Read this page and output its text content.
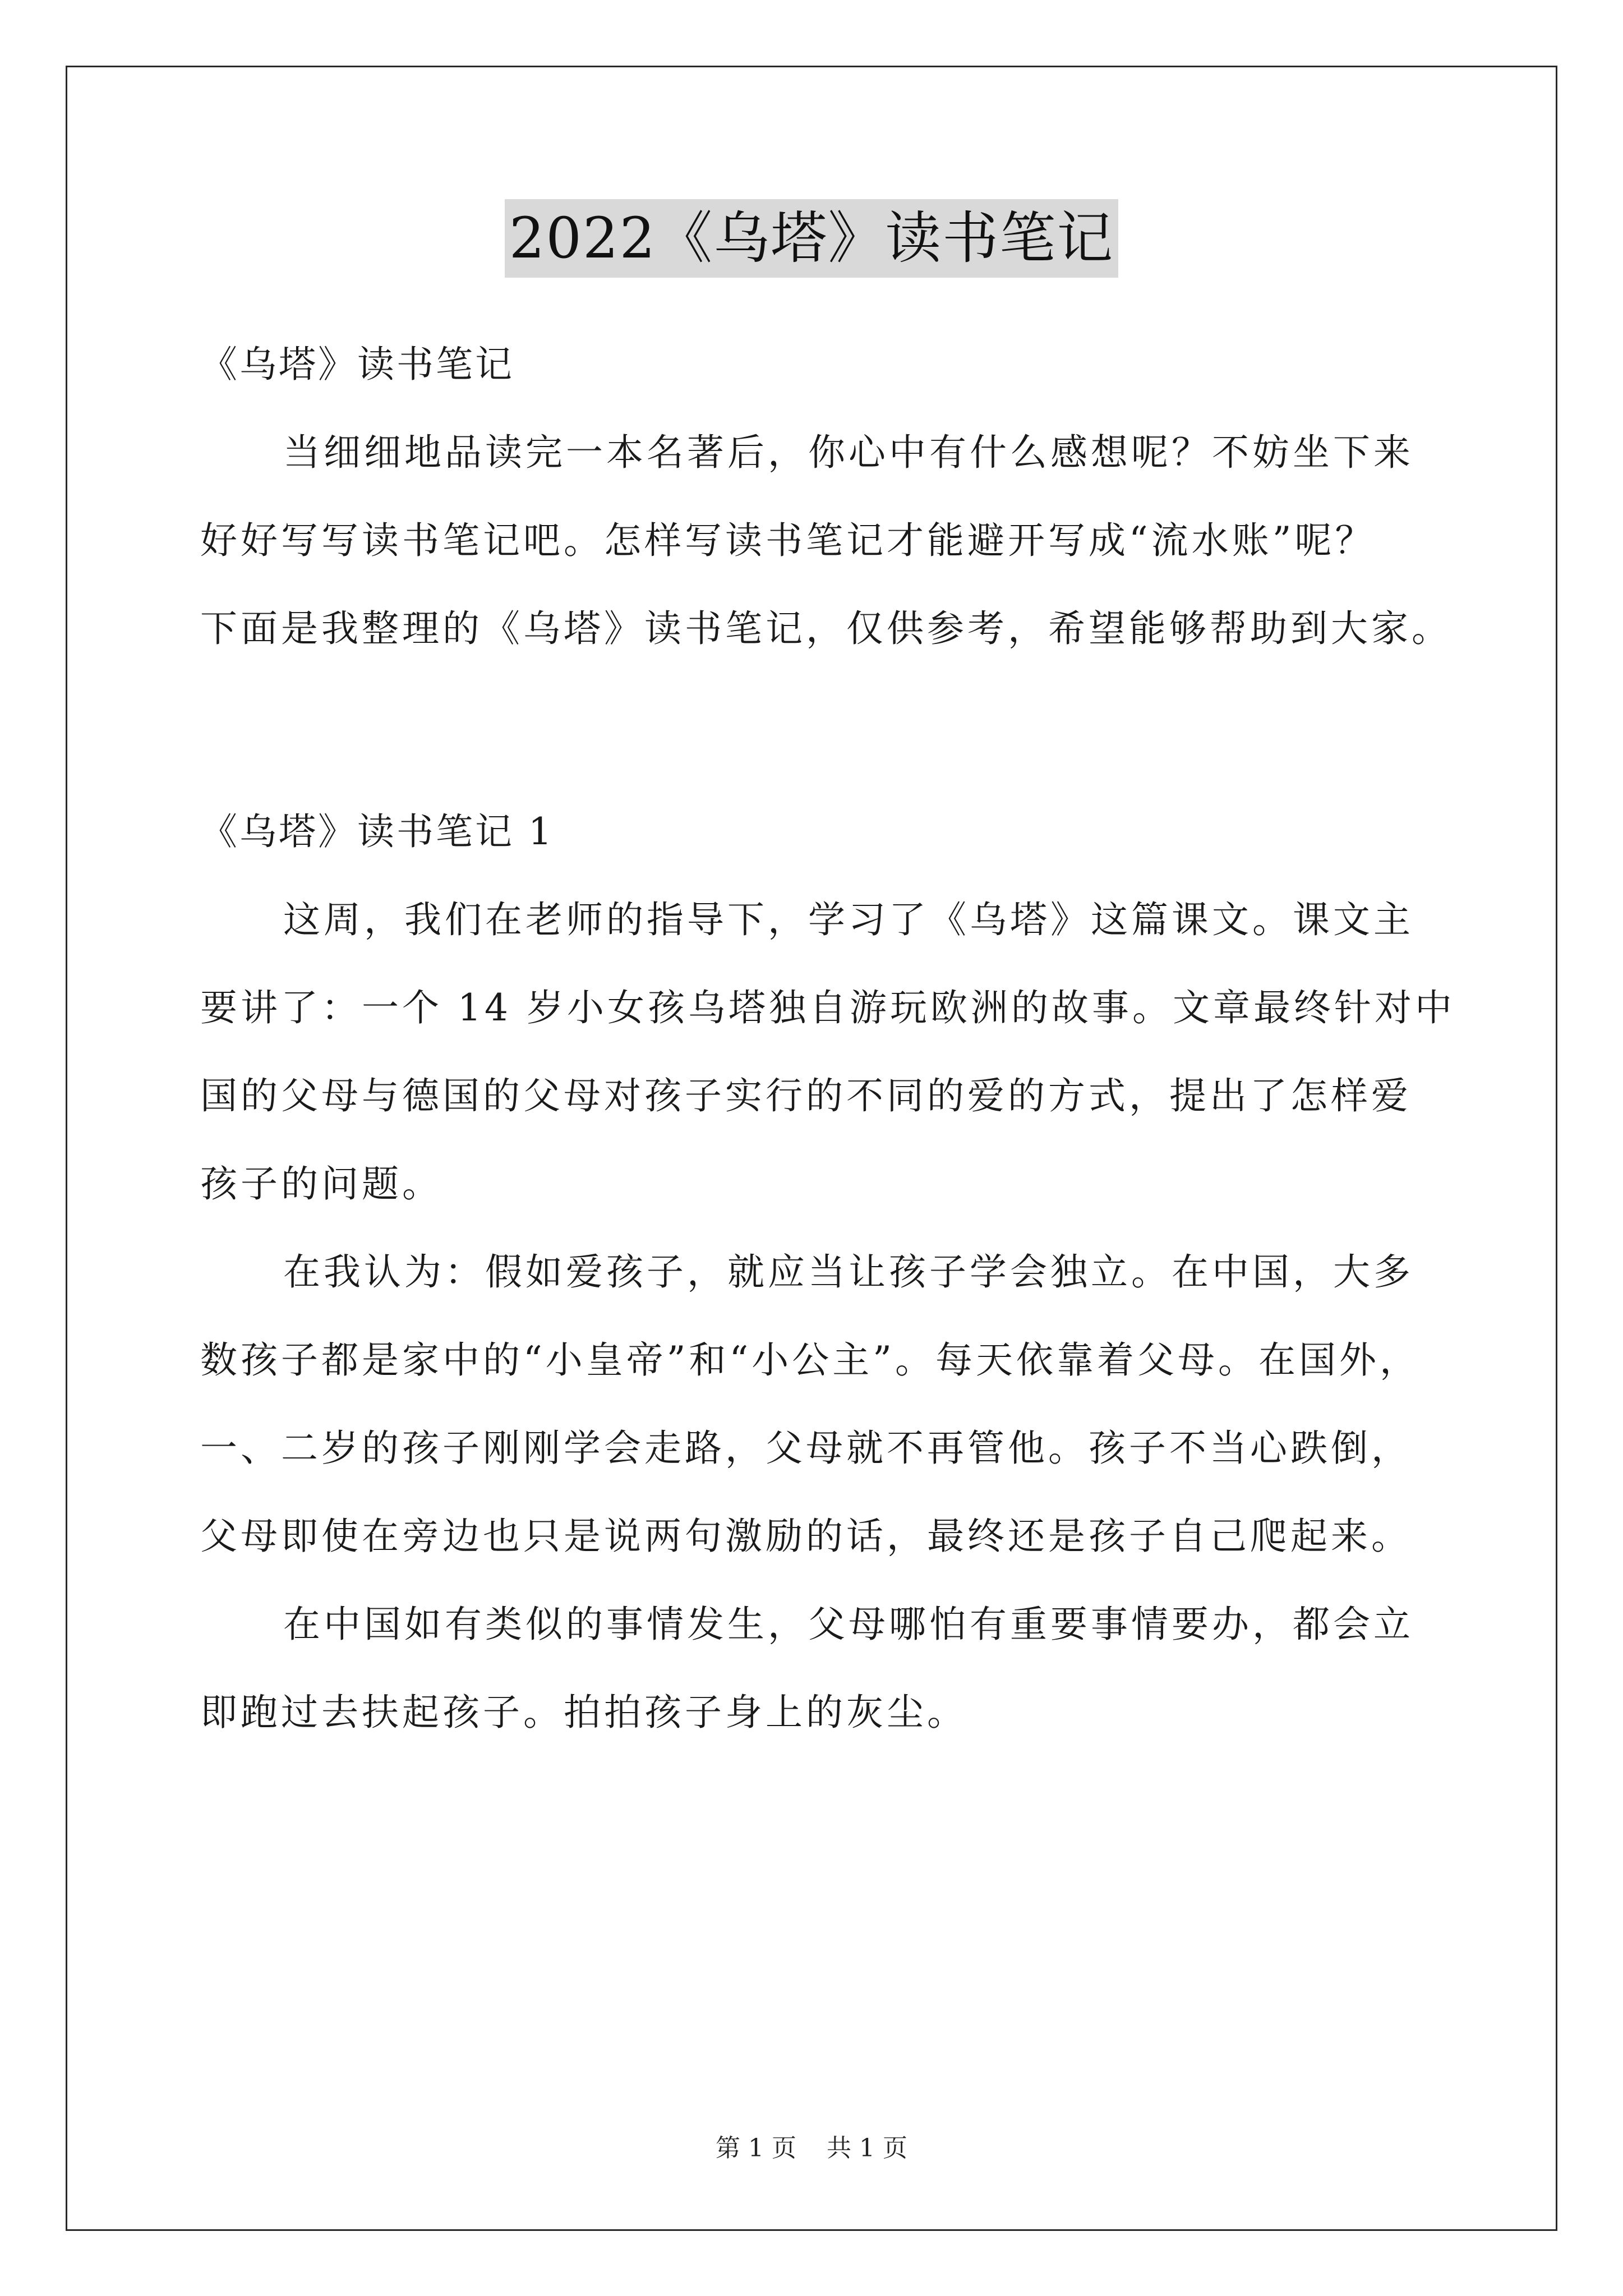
2022《乌塔》读书笔记
《乌塔》读书笔记
当细细地品读完一本名著后，你心中有什么感想呢？不妨坐下来
好好写写读书笔记吧。怎样写读书笔记才能避开写成“流水账”呢？
下面是我整理的《乌塔》读书笔记，仅供参考，希望能够帮助到大家。
《乌塔》读书笔记 1
这周，我们在老师的指导下，学习了《乌塔》这篇课文。课文主
要讲了：一个 14 岁小女孩乌塔独自游玩欧洲的故事。文章最终针对中
国的父母与德国的父母对孩子实行的不同的爱的方式，提出了怎样爱
孩子的问题。
在我认为：假如爱孩子，就应当让孩子学会独立。在中国，大多
数孩子都是家中的“小皇帝”和“小公主”。每天依靠着父母。在国外，
一、二岁的孩子刚刚学会走路，父母就不再管他。孩子不当心跌倒，
父母即使在旁边也只是说两句激励的话，最终还是孩子自己爬起来。
在中国如有类似的事情发生，父母哪怕有重要事情要办，都会立
即跑过去扶起孩子。拍拍孩子身上的灰尘。
第 1 页 共 1 页
